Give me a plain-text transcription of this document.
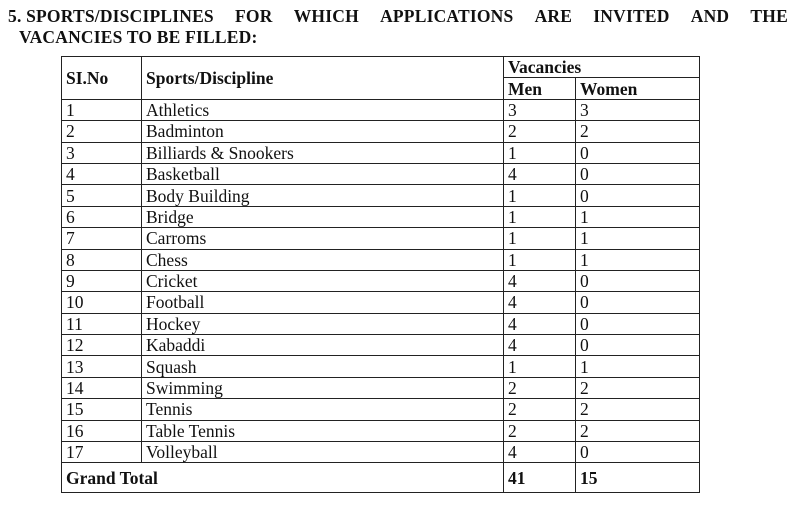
5. SPORTS/DISCIPLINES FOR WHICH APPLICATIONS ARE INVITED AND THE
VACANCIES TO BE FILLED:
SI.No	Sports/Discipline	Vacancies	
		Men	Women
1	Athletics	3	3
2	Badminton	2	2
3	Billiards & Snookers	1	0
4	Basketball	4	0
5	Body Building	1	0
6	Bridge	1	1
7	Carroms	1	1
8	Chess	1	1
9	Cricket	4	0
10	Football	4	0
11	Hockey	4	0
12	Kabaddi	4	0
13	Squash	1	1
14	Swimming	2	2
15	Tennis	2	2
16	Table Tennis	2	2
17	Volleyball	4	0
Grand Total		41	15
